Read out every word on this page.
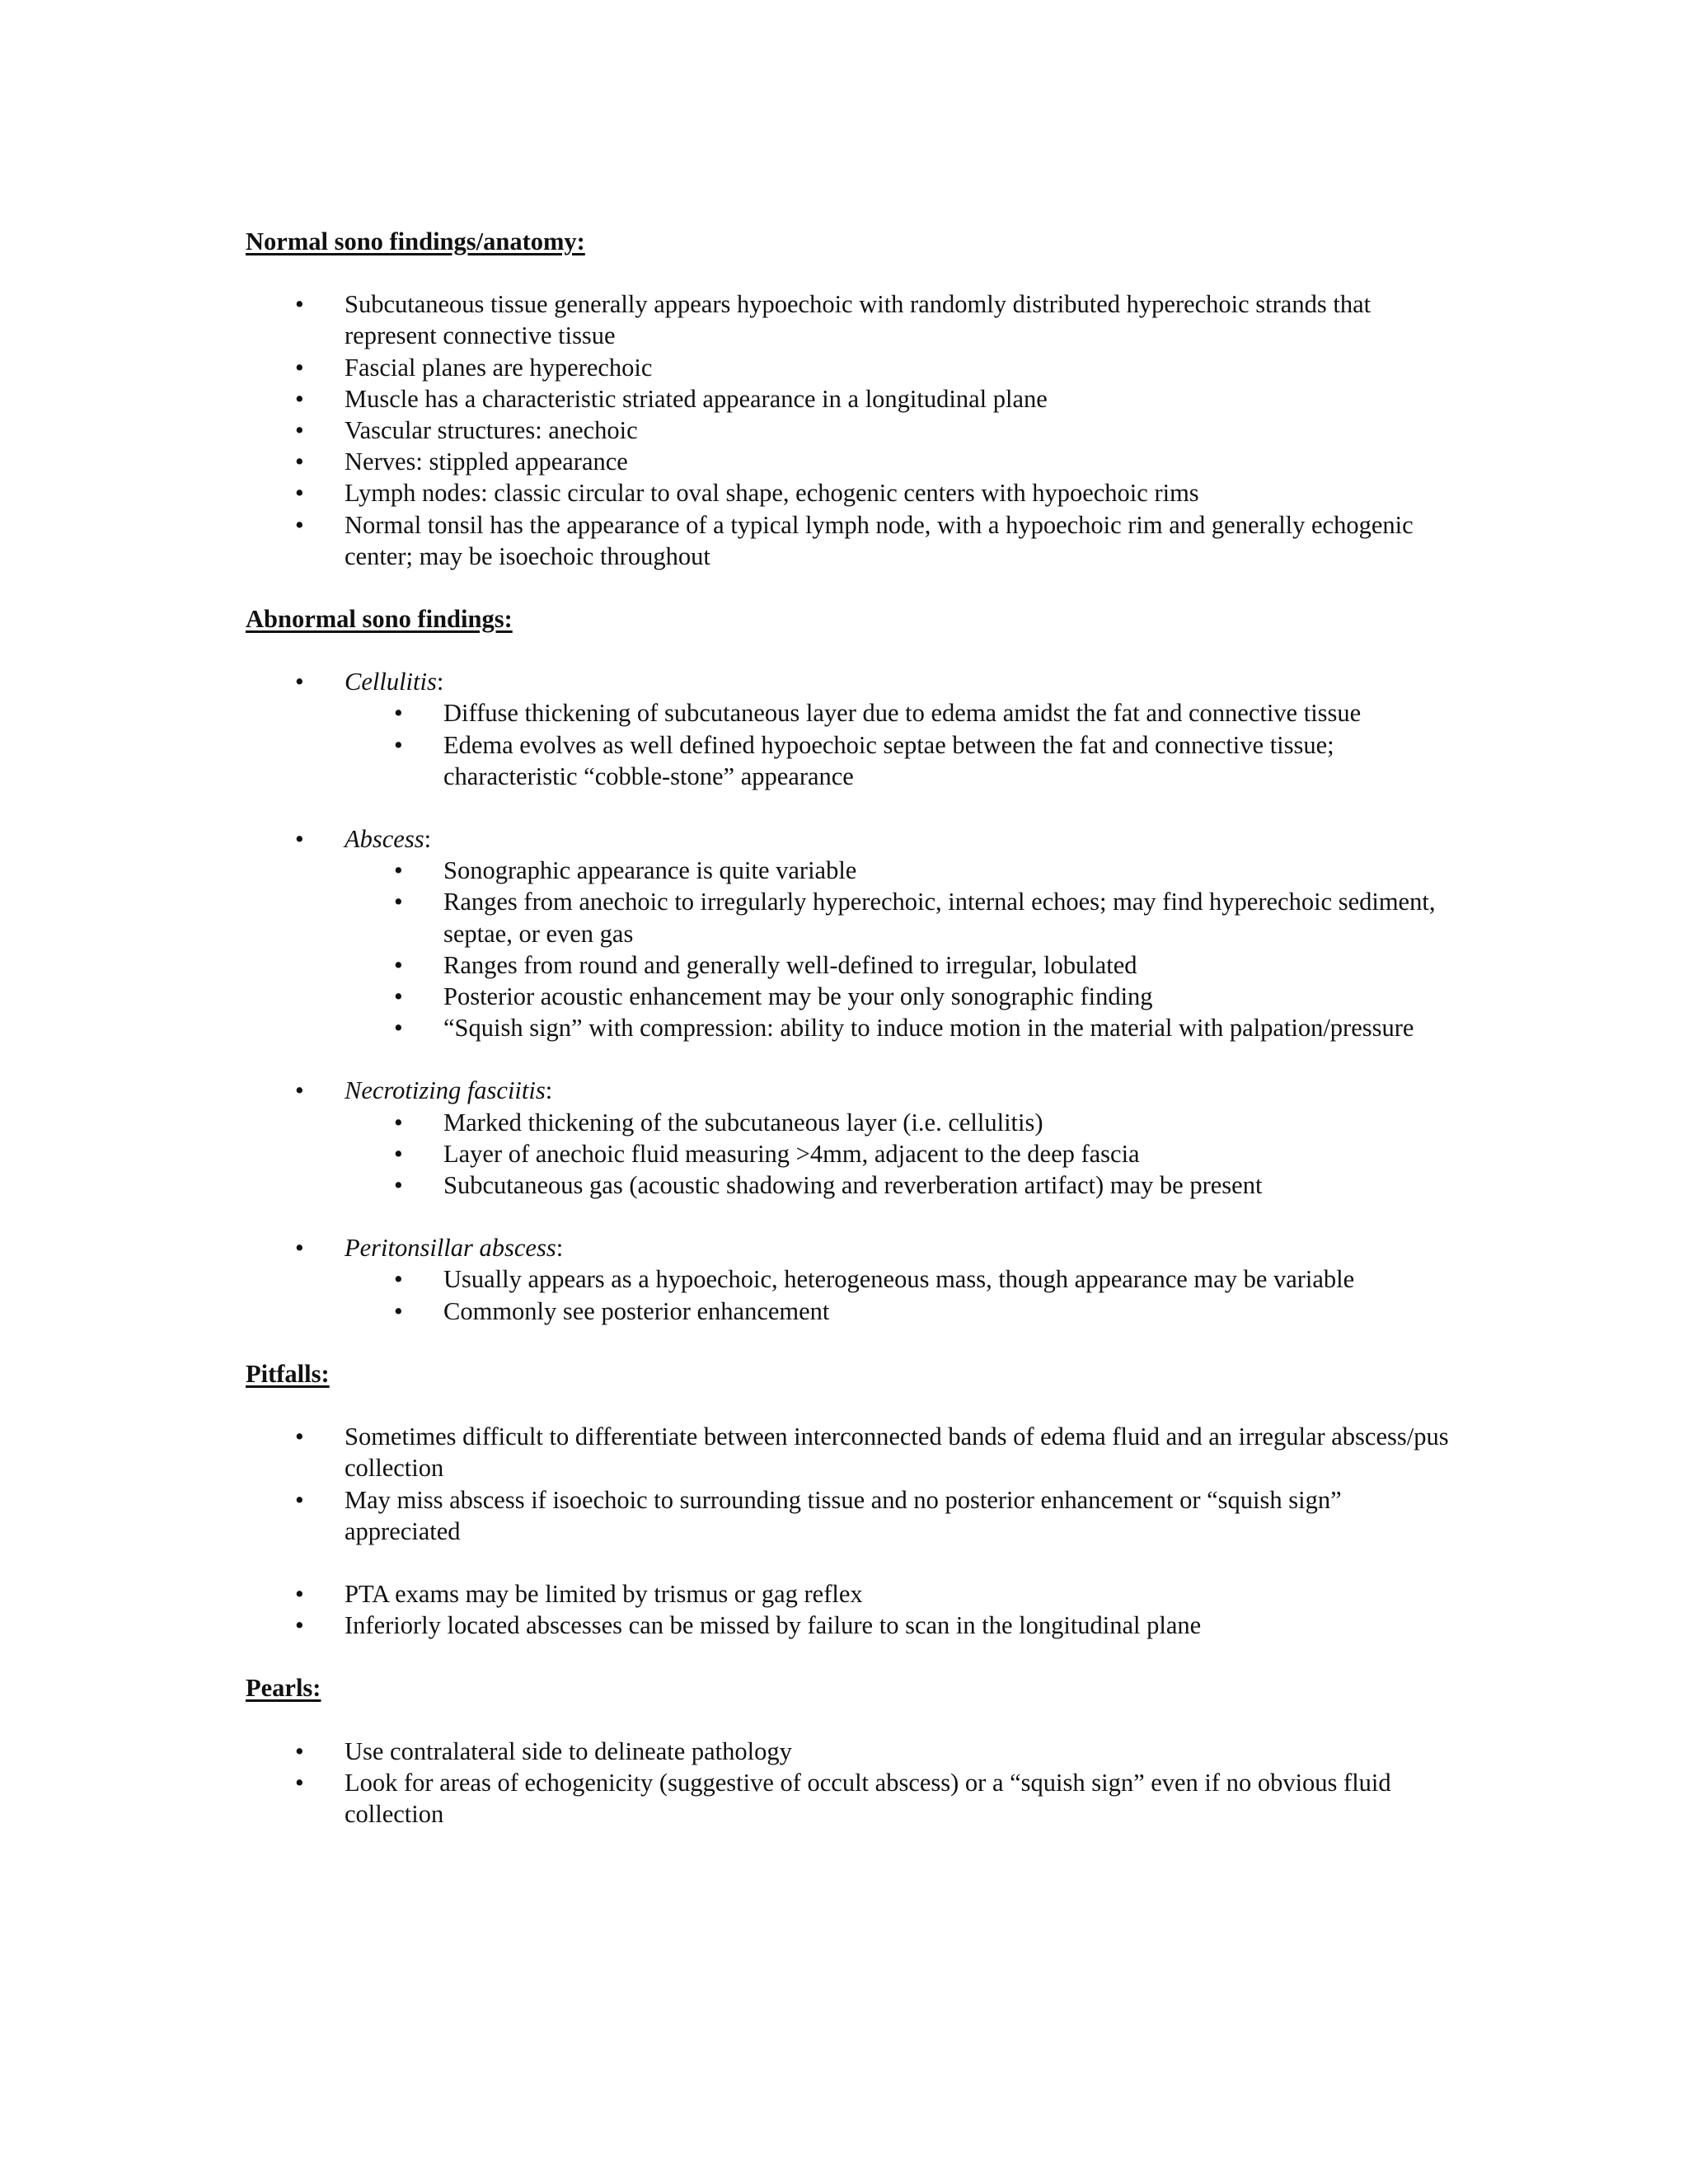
Normal sono findings/anatomy:

• Subcutaneous tissue generally appears hypoechoic with randomly distributed hyperechoic strands that represent connective tissue
• Fascial planes are hyperechoic
• Muscle has a characteristic striated appearance in a longitudinal plane
• Vascular structures: anechoic
• Nerves: stippled appearance
• Lymph nodes: classic circular to oval shape, echogenic centers with hypoechoic rims
• Normal tonsil has the appearance of a typical lymph node, with a hypoechoic rim and generally echogenic center; may be isoechoic throughout

Abnormal sono findings:

• Cellulitis:
• Diffuse thickening of subcutaneous layer due to edema amidst the fat and connective tissue
• Edema evolves as well defined hypoechoic septae between the fat and connective tissue; characteristic “cobble-stone” appearance
• Abscess:
• Sonographic appearance is quite variable
• Ranges from anechoic to irregularly hyperechoic, internal echoes; may find hyperechoic sediment, septae, or even gas
• Ranges from round and generally well-defined to irregular, lobulated
• Posterior acoustic enhancement may be your only sonographic finding
• “Squish sign” with compression: ability to induce motion in the material with palpation/pressure
• Necrotizing fasciitis:
• Marked thickening of the subcutaneous layer (i.e. cellulitis)
• Layer of anechoic fluid measuring >4mm, adjacent to the deep fascia
• Subcutaneous gas (acoustic shadowing and reverberation artifact) may be present
• Peritonsillar abscess:
• Usually appears as a hypoechoic, heterogeneous mass, though appearance may be variable
• Commonly see posterior enhancement

Pitfalls:

• Sometimes difficult to differentiate between interconnected bands of edema fluid and an irregular abscess/pus collection
• May miss abscess if isoechoic to surrounding tissue and no posterior enhancement or “squish sign” appreciated
• PTA exams may be limited by trismus or gag reflex
• Inferiorly located abscesses can be missed by failure to scan in the longitudinal plane

Pearls:

• Use contralateral side to delineate pathology
• Look for areas of echogenicity (suggestive of occult abscess) or a “squish sign” even if no obvious fluid collection
